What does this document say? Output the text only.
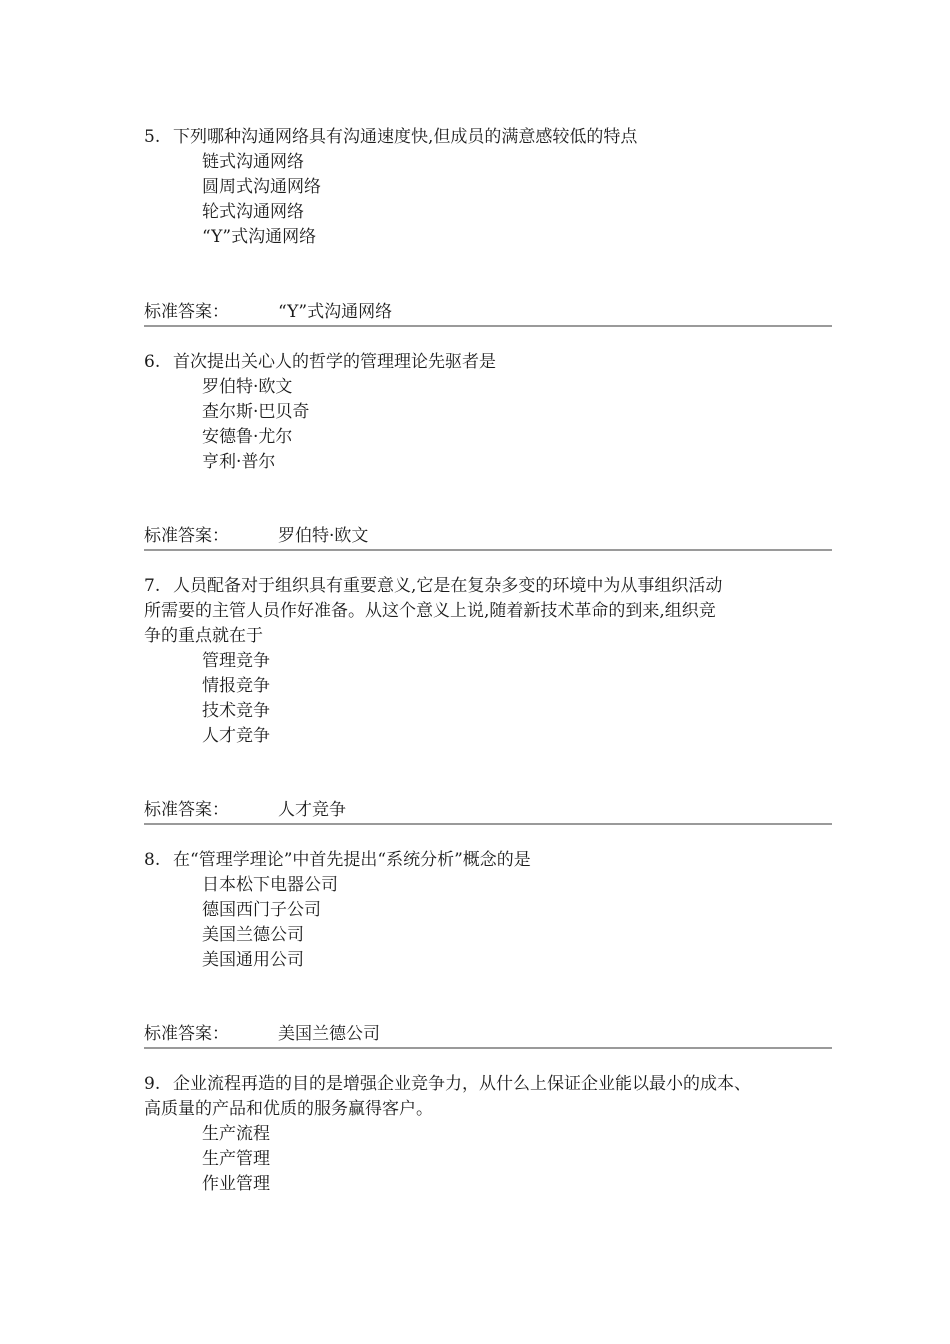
5. 下列哪种沟通网络具有沟通速度快,但成员的满意感较低的特点

链式沟通网络
圆周式沟通网络
轮式沟通网络
“Y”式沟通网络
标准答案：	“Y”式沟通网络

6. 首次提出关心人的哲学的管理理论先驱者是

罗伯特·欧文
查尔斯·巴贝奇
安德鲁·尤尔
亨利·普尔
标准答案：	罗伯特·欧文

7. 人员配备对于组织具有重要意义,它是在复杂多变的环境中为从事组织活动
所需要的主管人员作好准备。从这个意义上说,随着新技术革命的到来,组织竞
争的重点就在于

管理竞争
情报竞争
技术竞争
人才竞争
标准答案：	人才竞争

8. 在“管理学理论”中首先提出“系统分析”概念的是

日本松下电器公司
德国西门子公司
美国兰德公司
美国通用公司
标准答案：	美国兰德公司

9. 企业流程再造的目的是增强企业竞争力，从什么上保证企业能以最小的成本、
高质量的产品和优质的服务赢得客户。

生产流程
生产管理
作业管理
